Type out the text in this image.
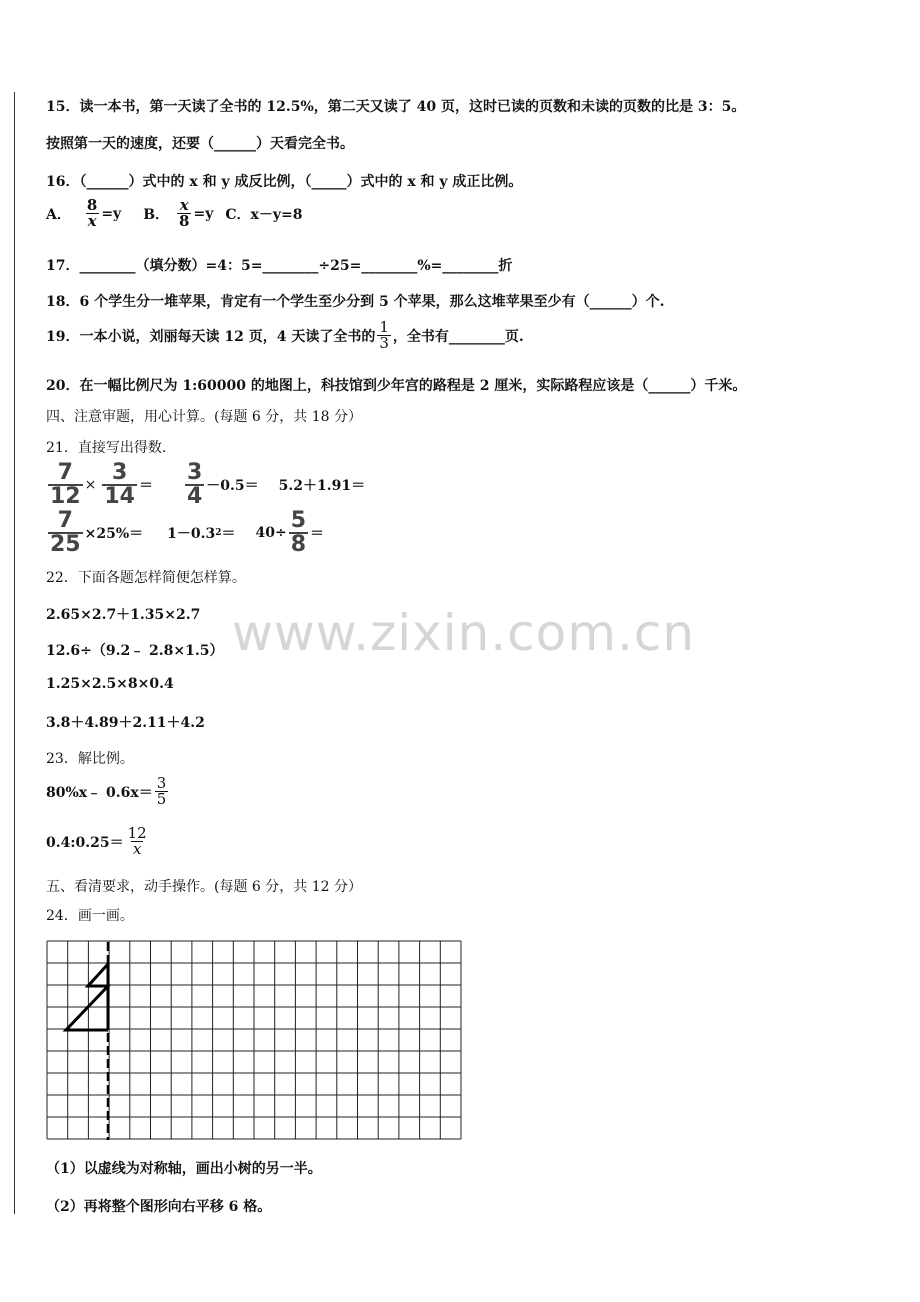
www.zixin.com.cn
15．读一本书，第一天读了全书的 12.5%，第二天又读了 40 页，这时已读的页数和未读的页数的比是 3：5。
按照第一天的速度，还要（______）天看完全书。
16．（______）式中的 x 和 y 成反比例，（_____）式中的 x 和 y 成正比例。
A． $\frac{8}{x} =y$ B． $\frac{x}{8} =y$ C．x－y=8
17．________（填分数）=4：5=________÷25=________%=________折
18．6 个学生分一堆苹果，肯定有一个学生至少分到 5 个苹果，那么这堆苹果至少有（______）个.
19．一本小说，刘丽每天读 12 页，4 天读了全书的 $\frac{1}{3}$ ，全书有________页.
20．在一幅比例尺为 1:60000 的地图上，科技馆到少年宫的路程是 2 厘米，实际路程应该是（______）千米。
四、注意审题，用心计算。(每题 6 分，共 18 分）
21．直接写出得数.
$\frac{7}{12} \times \frac{3}{14} = \frac{3}{4} -0.5= 5.2+1.91=$
$\frac{7}{25} \times 25\%= 1-0.3$ $2 = 40\div \frac{5}{8}$ ＝
22．下面各题怎样简便怎样算。
2.65×2.7＋1.35×2.7
12.6÷（9.2﹣ 2.8×1.5）
1.25×2.5×8×0.4
3.8＋4.89＋2.11＋4.2
23．解比例。
80%x﹣ $0.6x= \frac{3}{5}$
0.4:0.25＝ $\frac{12}{x}$
五、看清要求，动手操作。(每题 6 分，共 12 分）
24．画一画。
（1）以虚线为对称轴，画出小树的另一半。
（2）再将整个图形向右平移 6 格。
